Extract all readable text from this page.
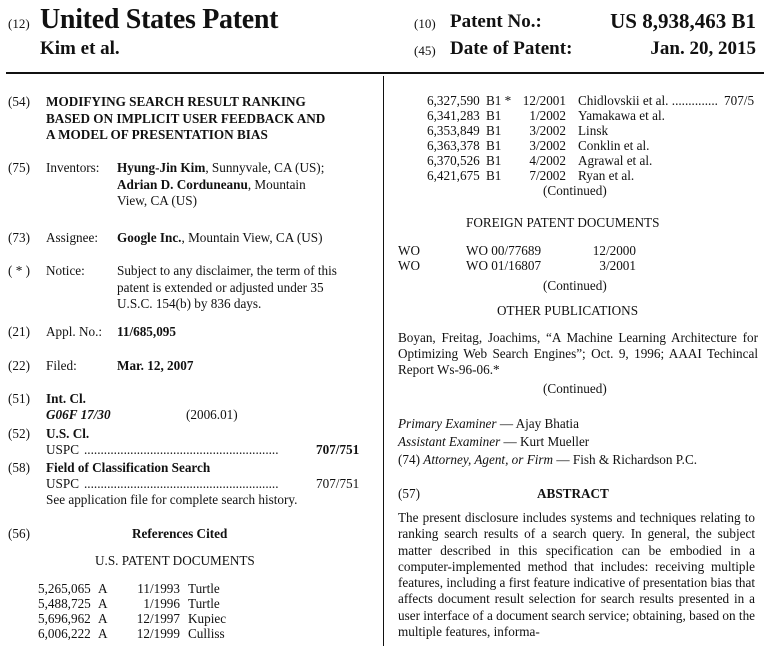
(12) United States Patent
Kim et al.
(10) Patent No.:	US 8,938,463 B1
(45) Date of Patent:	Jan. 20, 2015
(54) MODIFYING SEARCH RESULT RANKING
BASED ON IMPLICIT USER FEEDBACK AND
A MODEL OF PRESENTATION BIAS
(75) Inventors: Hyung-Jin Kim, Sunnyvale, CA (US);
Adrian D. Corduneanu, Mountain
View, CA (US)
(73) Assignee: Google Inc., Mountain View, CA (US)
( * ) Notice: Subject to any disclaimer, the term of this
patent is extended or adjusted under 35
U.S.C. 154(b) by 836 days.
(21) Appl. No.: 11/685,095
(22) Filed:	Mar. 12, 2007
(51) Int. Cl.
G06F 17/30	(2006.01)
(52) U.S. Cl.
USPC ...........................................................	707/751
(58) Field of Classification Search
USPC ...........................................................	707/751
See application file for complete search history.
(56)	References Cited
U.S. PATENT DOCUMENTS
5,265,065 A	11/1993 Turtle
5,488,725 A	1/1996 Turtle
5,696,962 A	12/1997 Kupiec
6,006,222 A	12/1999 Culliss
6,327,590 B1 * 12/2001 Chidlovskii et al. .............. 707/5
6,341,283 B1	1/2002 Yamakawa et al.
6,353,849 B1	3/2002 Linsk
6,363,378 B1	3/2002 Conklin et al.
6,370,526 B1	4/2002 Agrawal et al.
6,421,675 B1	7/2002 Ryan et al.
(Continued)
FOREIGN PATENT DOCUMENTS
WO	WO 00/77689	12/2000
WO	WO 01/16807	3/2001
(Continued)
OTHER PUBLICATIONS
Boyan, Freitag, Joachims, “A Machine Learning Architecture for Optimizing Web Search Engines”; Oct. 9, 1996; AAAI Techincal Report Ws-96-06.*
(Continued)
Primary Examiner — Ajay Bhatia
Assistant Examiner — Kurt Mueller
(74) Attorney, Agent, or Firm — Fish & Richardson P.C.
(57)	ABSTRACT
The present disclosure includes systems and techniques relating to ranking search results of a search query. In general, the subject matter described in this specification can be embodied in a computer-implemented method that includes: receiving multiple features, including a first feature indicative of presentation bias that affects document result selection for search results presented in a user interface of a document search service; obtaining, based on the multiple features, informa-
